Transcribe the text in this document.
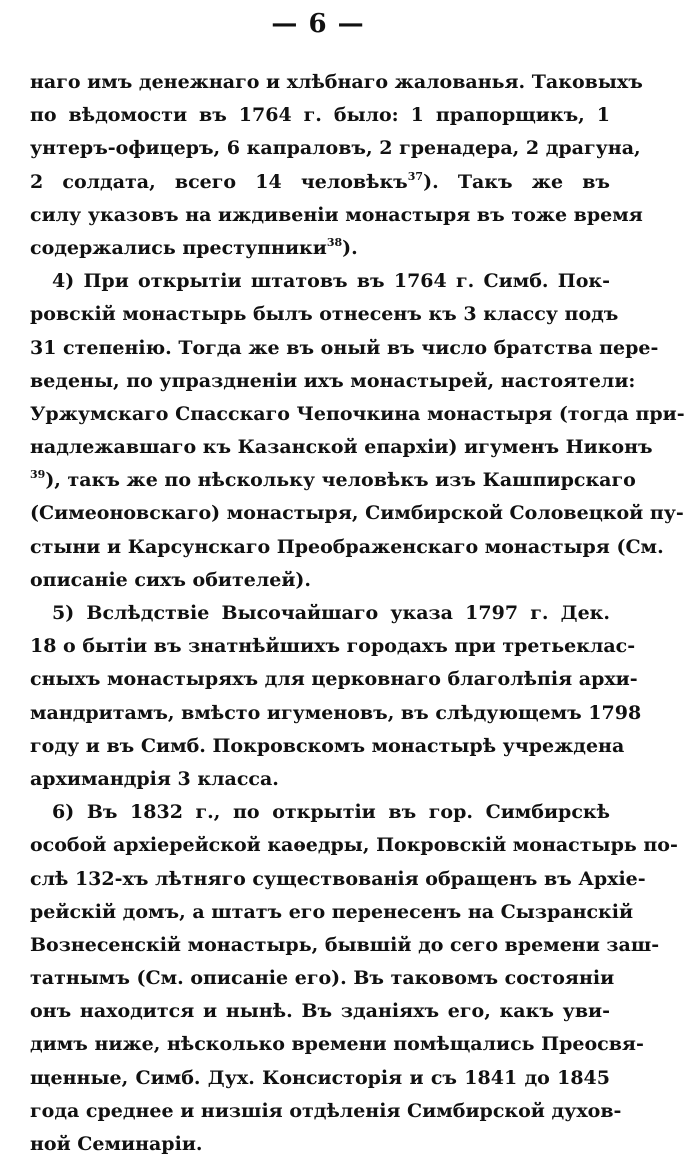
— 6 —
наго имъ денежнаго и хлѣбнаго жалованья. Таковыхъ
по вѣдомости въ 1764 г. было: 1 прапорщикъ, 1
унтеръ-офицеръ, 6 капраловъ, 2 гренадера, 2 драгуна,
2 солдата, всего 14 человѣкъ$^{37}$). Такъ же въ
силу указовъ на иждивеніи монастыря въ тоже время
содержались преступники$^{38}$).
4) При открытіи штатовъ въ 1764 г. Симб. Пок-
ровскій монастырь былъ отнесенъ къ 3 классу подъ
31 степенію. Тогда же въ оный въ число братства пере-
ведены, по упраздненіи ихъ монастырей, настоятели:
Уржумскаго Спасскаго Чепочкина монастыря (тогда при-
надлежавшаго къ Казанской епархіи) игуменъ Никонъ
$^{39}$), такъ же по нѣскольку человѣкъ изъ Кашпирскаго
(Симеоновскаго) монастыря, Симбирской Соловецкой пу-
стыни и Карсунскаго Преображенскаго монастыря (См.
описаніе сихъ обителей).
5) Вслѣдствіе Высочайшаго указа 1797 г. Дек.
18 о бытіи въ знатнѣйшихъ городахъ при третьеклас-
сныхъ монастыряхъ для церковнаго благолѣпія архи-
мандритамъ, вмѣсто игуменовъ, въ слѣдующемъ 1798
году и въ Симб. Покровскомъ монастырѣ учреждена
архимандрія 3 класса.
6) Въ 1832 г., по открытіи въ гор. Симбирскѣ
особой архіерейской каѳедры, Покровскій монастырь по-
слѣ 132-хъ лѣтняго существованія обращенъ въ Архіе-
рейскій домъ, а штатъ его перенесенъ на Сызранскій
Вознесенскій монастырь, бывшій до сего времени заш-
татнымъ (См. описаніе его). Въ таковомъ состояніи
онъ находится и нынѣ. Въ зданіяхъ его, какъ уви-
димъ ниже, нѣсколько времени помѣщались Преосвя-
щенные, Симб. Дух. Консисторія и съ 1841 до 1845
года среднее и низшія отдѣленія Симбирской духов-
ной Семинаріи.
